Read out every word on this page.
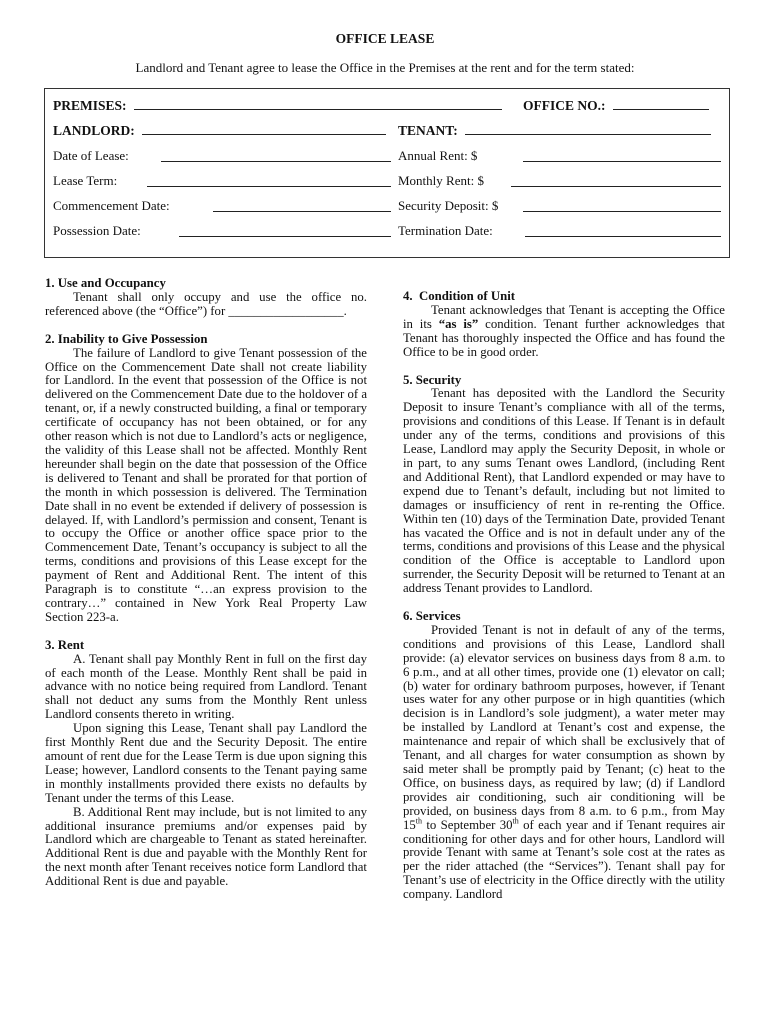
OFFICE LEASE
Landlord and Tenant agree to lease the Office in the Premises at the rent and for the term stated:
PREMISES:	OFFICE NO.:
LANDLORD:	TENANT:
Date of Lease:	Annual Rent: $
Lease Term:	Monthly Rent: $
Commencement Date:	Security Deposit: $
Possession Date:	Termination Date:
1. Use and Occupancy

Tenant shall only occupy and use the office no. referenced above (the “Office”) for __________________.

2. Inability to Give Possession

The failure of Landlord to give Tenant possession of the Office on the Commencement Date shall not create liability for Landlord. In the event that possession of the Office is not delivered on the Commencement Date due to the holdover of a tenant, or, if a newly constructed building, a final or temporary certificate of occupancy has not been obtained, or for any other reason which is not due to Landlord’s acts or negligence, the validity of this Lease shall not be affected. Monthly Rent hereunder shall begin on the date that possession of the Office is delivered to Tenant and shall be prorated for that portion of the month in which possession is delivered. The Termination Date shall in no event be extended if delivery of possession is delayed. If, with Landlord’s permission and consent, Tenant is to occupy the Office or another office space prior to the Commencement Date, Tenant’s occupancy is subject to all the terms, conditions and provisions of this Lease except for the payment of Rent and Additional Rent. The intent of this Paragraph is to constitute “…an express provision to the contrary…” contained in New York Real Property Law Section 223-a.

3. Rent

A. Tenant shall pay Monthly Rent in full on the first day of each month of the Lease. Monthly Rent shall be paid in advance with no notice being required from Landlord. Tenant shall not deduct any sums from the Monthly Rent unless Landlord consents thereto in writing.

Upon signing this Lease, Tenant shall pay Landlord the first Monthly Rent due and the Security Deposit. The entire amount of rent due for the Lease Term is due upon signing this Lease; however, Landlord consents to the Tenant paying same in monthly installments provided there exists no defaults by Tenant under the terms of this Lease.

B. Additional Rent may include, but is not limited to any additional insurance premiums and/or expenses paid by Landlord which are chargeable to Tenant as stated hereinafter. Additional Rent is due and payable with the Monthly Rent for the next month after Tenant receives notice form Landlord that Additional Rent is due and payable.

4.  Condition of Unit

Tenant acknowledges that Tenant is accepting the Office in its “as is” condition. Tenant further acknowledges that Tenant has thoroughly inspected the Office and has found the Office to be in good order.

5. Security

Tenant has deposited with the Landlord the Security Deposit to insure Tenant’s compliance with all of the terms, provisions and conditions of this Lease. If Tenant is in default under any of the terms, conditions and provisions of this Lease, Landlord may apply the Security Deposit, in whole or in part, to any sums Tenant owes Landlord, (including Rent and Additional Rent), that Landlord expended or may have to expend due to Tenant’s default, including but not limited to damages or insufficiency of rent in re-renting the Office. Within ten (10) days of the Termination Date, provided Tenant has vacated the Office and is not in default under any of the terms, conditions and provisions of this Lease and the physical condition of the Office is acceptable to Landlord upon surrender, the Security Deposit will be returned to Tenant at an address Tenant provides to Landlord.

6. Services

Provided Tenant is not in default of any of the terms, conditions and provisions of this Lease, Landlord shall provide: (a) elevator services on business days from 8 a.m. to 6 p.m., and at all other times, provide one (1) elevator on call; (b) water for ordinary bathroom purposes, however, if Tenant uses water for any other purpose or in high quantities (which decision is in Landlord’s sole judgment), a water meter may be installed by Landlord at Tenant’s cost and expense, the maintenance and repair of which shall be exclusively that of Tenant, and all charges for water consumption as shown by said meter shall be promptly paid by Tenant; (c) heat to the Office, on business days, as required by law; (d) if Landlord provides air conditioning, such air conditioning will be provided, on business days from 8 a.m. to 6 p.m., from May 15th to September 30th of each year and if Tenant requires air conditioning for other days and for other hours, Landlord will provide Tenant with same at Tenant’s sole cost at the rates as per the rider attached (the “Services”). Tenant shall pay for Tenant’s use of electricity in the Office directly with the utility company. Landlord
